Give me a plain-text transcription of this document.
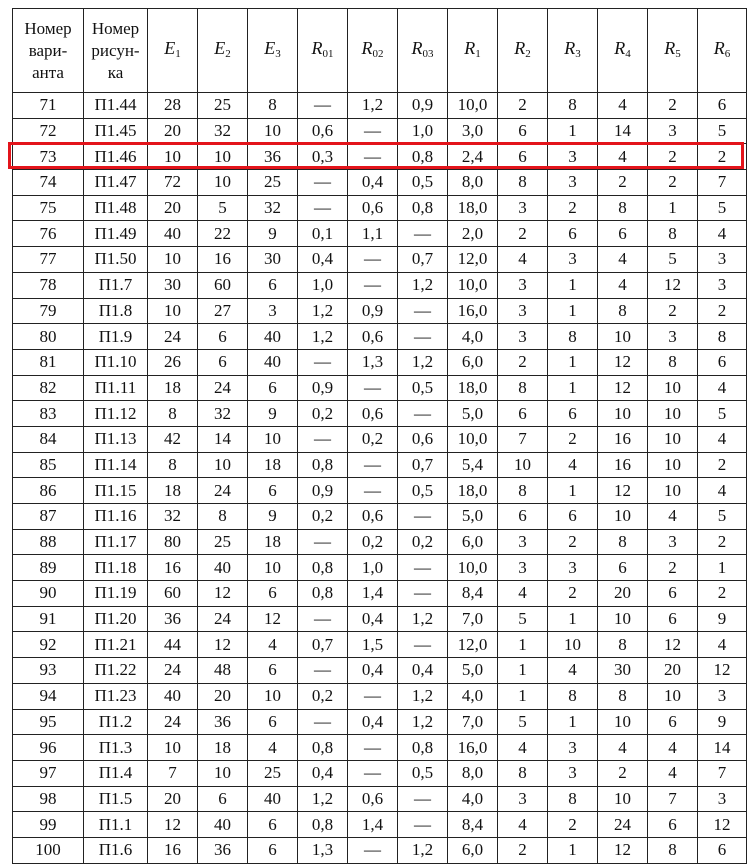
Номер
вари-
анта	Номер
рисун-
ка	$E_1$	$E_2$	$E_3$	$R_{01}$	$R_{02}$	$R_{03}$	$R_1$	$R_2$	$R_3$	$R_4$	$R_5$	$R_6$
71	П1.44	28	25	8	—	1,2	0,9	10,0	2	8	4	2	6
72	П1.45	20	32	10	0,6	—	1,0	3,0	6	1	14	3	5
73	П1.46	10	10	36	0,3	—	0,8	2,4	6	3	4	2	2
74	П1.47	72	10	25	—	0,4	0,5	8,0	8	3	2	2	7
75	П1.48	20	5	32	—	0,6	0,8	18,0	3	2	8	1	5
76	П1.49	40	22	9	0,1	1,1	—	2,0	2	6	6	8	4
77	П1.50	10	16	30	0,4	—	0,7	12,0	4	3	4	5	3
78	П1.7	30	60	6	1,0	—	1,2	10,0	3	1	4	12	3
79	П1.8	10	27	3	1,2	0,9	—	16,0	3	1	8	2	2
80	П1.9	24	6	40	1,2	0,6	—	4,0	3	8	10	3	8
81	П1.10	26	6	40	—	1,3	1,2	6,0	2	1	12	8	6
82	П1.11	18	24	6	0,9	—	0,5	18,0	8	1	12	10	4
83	П1.12	8	32	9	0,2	0,6	—	5,0	6	6	10	10	5
84	П1.13	42	14	10	—	0,2	0,6	10,0	7	2	16	10	4
85	П1.14	8	10	18	0,8	—	0,7	5,4	10	4	16	10	2
86	П1.15	18	24	6	0,9	—	0,5	18,0	8	1	12	10	4
87	П1.16	32	8	9	0,2	0,6	—	5,0	6	6	10	4	5
88	П1.17	80	25	18	—	0,2	0,2	6,0	3	2	8	3	2
89	П1.18	16	40	10	0,8	1,0	—	10,0	3	3	6	2	1
90	П1.19	60	12	6	0,8	1,4	—	8,4	4	2	20	6	2
91	П1.20	36	24	12	—	0,4	1,2	7,0	5	1	10	6	9
92	П1.21	44	12	4	0,7	1,5	—	12,0	1	10	8	12	4
93	П1.22	24	48	6	—	0,4	0,4	5,0	1	4	30	20	12
94	П1.23	40	20	10	0,2	—	1,2	4,0	1	8	8	10	3
95	П1.2	24	36	6	—	0,4	1,2	7,0	5	1	10	6	9
96	П1.3	10	18	4	0,8	—	0,8	16,0	4	3	4	4	14
97	П1.4	7	10	25	0,4	—	0,5	8,0	8	3	2	4	7
98	П1.5	20	6	40	1,2	0,6	—	4,0	3	8	10	7	3
99	П1.1	12	40	6	0,8	1,4	—	8,4	4	2	24	6	12
100	П1.6	16	36	6	1,3	—	1,2	6,0	2	1	12	8	6
